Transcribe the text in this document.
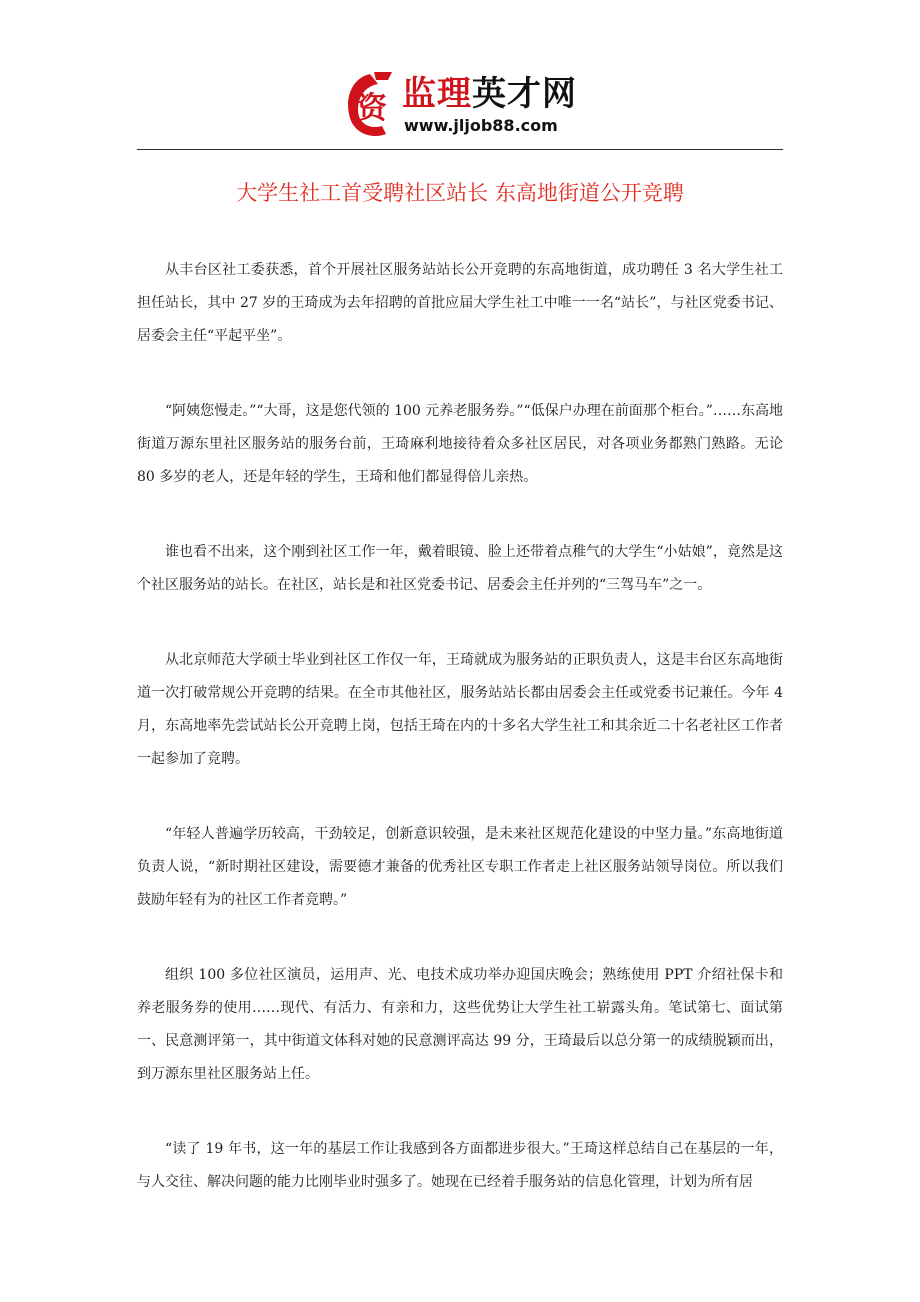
资 监理英才网
www.jljob88.com
大学生社工首受聘社区站长 东高地街道公开竞聘

从丰台区社工委获悉，首个开展社区服务站站长公开竞聘的东高地街道，成功聘任 3 名大学生社工担任站长，其中 27 岁的王琦成为去年招聘的首批应届大学生社工中唯一一名“站长”，与社区党委书记、居委会主任“平起平坐”。

“阿姨您慢走。”“大哥，这是您代领的 100 元养老服务券。”“低保户办理在前面那个柜台。”……东高地街道万源东里社区服务站的服务台前，王琦麻利地接待着众多社区居民，对各项业务都熟门熟路。无论 80 多岁的老人，还是年轻的学生，王琦和他们都显得倍儿亲热。

谁也看不出来，这个刚到社区工作一年，戴着眼镜、脸上还带着点稚气的大学生“小姑娘”，竟然是这个社区服务站的站长。在社区，站长是和社区党委书记、居委会主任并列的“三驾马车”之一。

从北京师范大学硕士毕业到社区工作仅一年，王琦就成为服务站的正职负责人，这是丰台区东高地街道一次打破常规公开竞聘的结果。在全市其他社区，服务站站长都由居委会主任或党委书记兼任。今年 4 月，东高地率先尝试站长公开竞聘上岗，包括王琦在内的十多名大学生社工和其余近二十名老社区工作者一起参加了竞聘。

“年轻人普遍学历较高，干劲较足，创新意识较强，是未来社区规范化建设的中坚力量。”东高地街道负责人说，“新时期社区建设，需要德才兼备的优秀社区专职工作者走上社区服务站领导岗位。所以我们鼓励年轻有为的社区工作者竞聘。”

组织 100 多位社区演员，运用声、光、电技术成功举办迎国庆晚会；熟练使用 PPT 介绍社保卡和养老服务券的使用……现代、有活力、有亲和力，这些优势让大学生社工崭露头角。笔试第七、面试第一、民意测评第一，其中街道文体科对她的民意测评高达 99 分，王琦最后以总分第一的成绩脱颖而出，到万源东里社区服务站上任。

“读了 19 年书，这一年的基层工作让我感到各方面都进步很大。”王琦这样总结自己在基层的一年，与人交往、解决问题的能力比刚毕业时强多了。她现在已经着手服务站的信息化管理，计划为所有居
